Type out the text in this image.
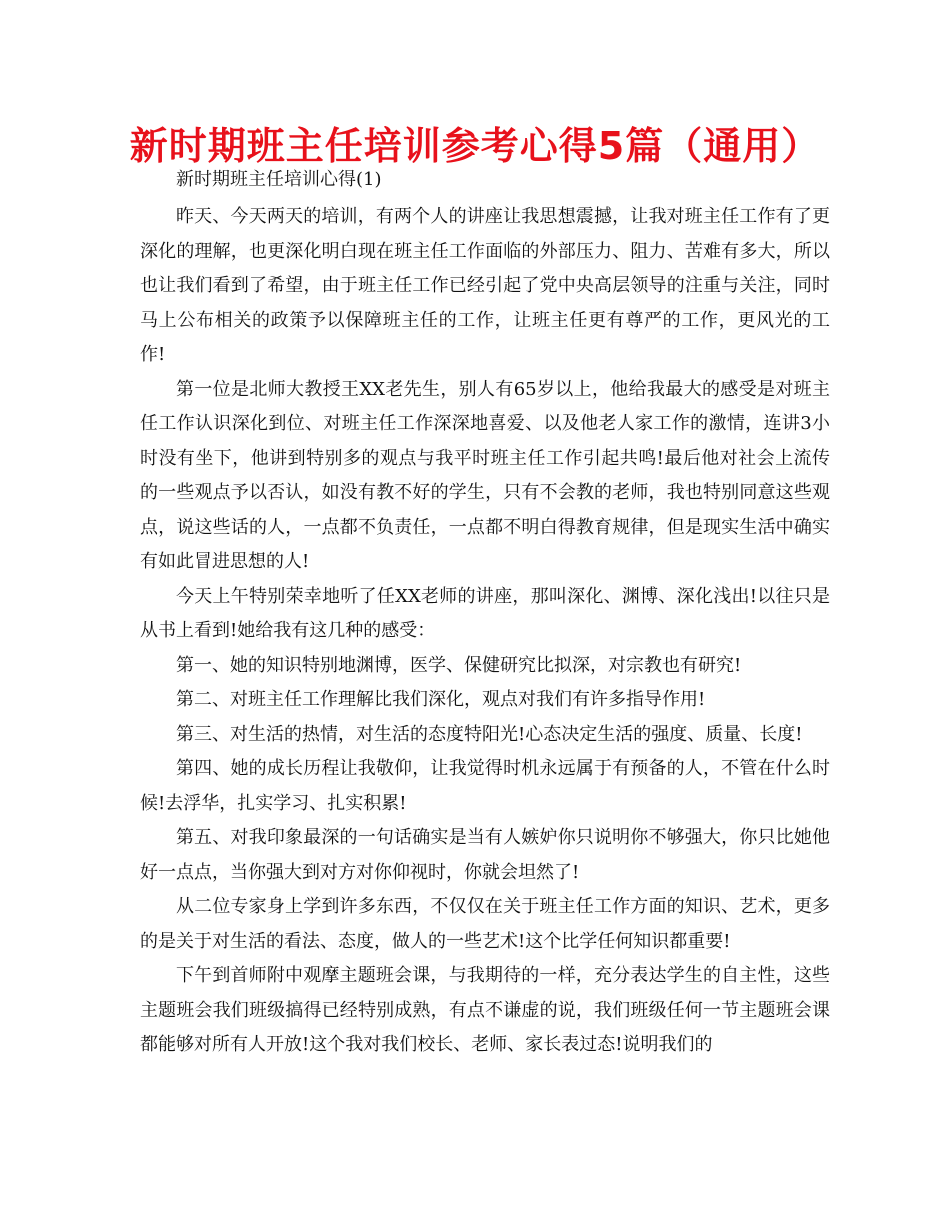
新时期班主任培训参考心得5篇（通用）
新时期班主任培训心得(1)

昨天、今天两天的培训，有两个人的讲座让我思想震撼，让我对班主任工作有了更深化的理解，也更深化明白现在班主任工作面临的外部压力、阻力、苦难有多大，所以也让我们看到了希望，由于班主任工作已经引起了党中央高层领导的注重与关注，同时马上公布相关的政策予以保障班主任的工作，让班主任更有尊严的工作，更风光的工作!

第一位是北师大教授王XX老先生，别人有65岁以上，他给我最大的感受是对班主任工作认识深化到位、对班主任工作深深地喜爱、以及他老人家工作的激情，连讲3小时没有坐下，他讲到特别多的观点与我平时班主任工作引起共鸣!最后他对社会上流传的一些观点予以否认，如没有教不好的学生，只有不会教的老师，我也特别同意这些观点，说这些话的人，一点都不负责任，一点都不明白得教育规律，但是现实生活中确实有如此冒进思想的人!

今天上午特别荣幸地听了任XX老师的讲座，那叫深化、渊博、深化浅出!以往只是从书上看到!她给我有这几种的感受：

第一、她的知识特别地渊博，医学、保健研究比拟深，对宗教也有研究!

第二、对班主任工作理解比我们深化，观点对我们有许多指导作用!

第三、对生活的热情，对生活的态度特阳光!心态决定生活的强度、质量、长度!

第四、她的成长历程让我敬仰，让我觉得时机永远属于有预备的人，不管在什么时候!去浮华，扎实学习、扎实积累!

第五、对我印象最深的一句话确实是当有人嫉妒你只说明你不够强大，你只比她他好一点点，当你强大到对方对你仰视时，你就会坦然了!

从二位专家身上学到许多东西，不仅仅在关于班主任工作方面的知识、艺术，更多的是关于对生活的看法、态度，做人的一些艺术!这个比学任何知识都重要!

下午到首师附中观摩主题班会课，与我期待的一样，充分表达学生的自主性，这些主题班会我们班级搞得已经特别成熟，有点不谦虚的说，我们班级任何一节主题班会课都能够对所有人开放!这个我对我们校长、老师、家长表过态!说明我们的
